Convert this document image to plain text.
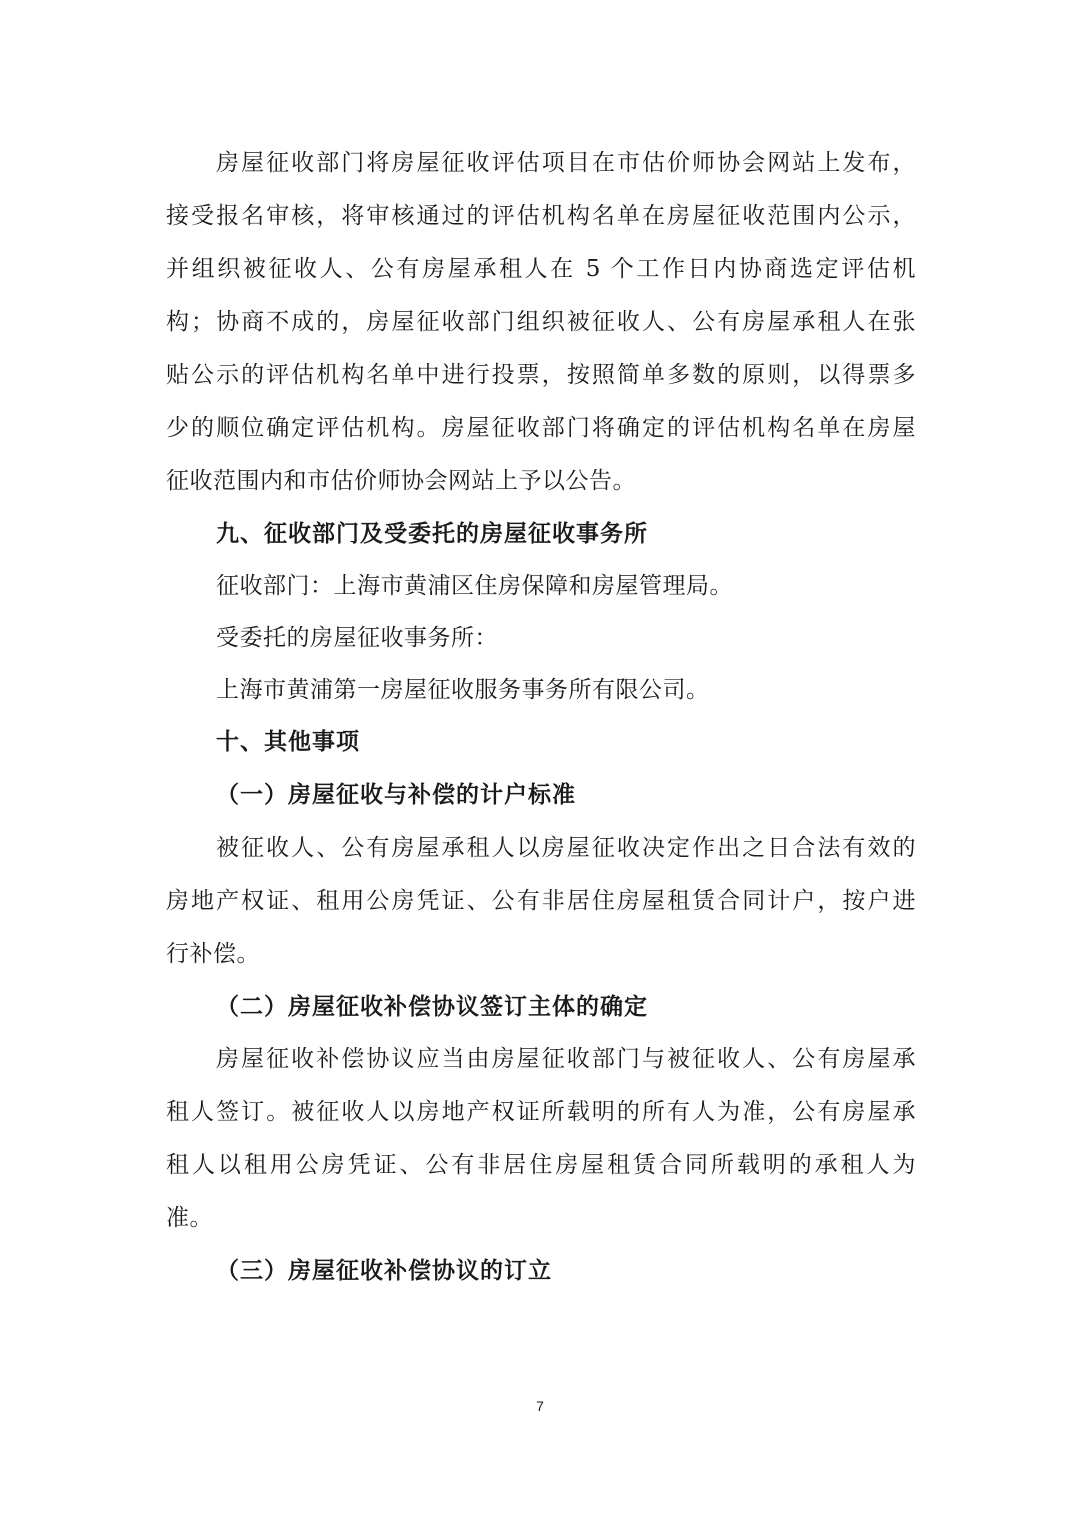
房屋征收部门将房屋征收评估项目在市估价师协会网站上发布，
接受报名审核，将审核通过的评估机构名单在房屋征收范围内公示，
并组织被征收人、公有房屋承租人在 5 个工作日内协商选定评估机
构；协商不成的，房屋征收部门组织被征收人、公有房屋承租人在张
贴公示的评估机构名单中进行投票，按照简单多数的原则，以得票多
少的顺位确定评估机构。房屋征收部门将确定的评估机构名单在房屋
征收范围内和市估价师协会网站上予以公告。
九、征收部门及受委托的房屋征收事务所
征收部门：上海市黄浦区住房保障和房屋管理局。
受委托的房屋征收事务所：
上海市黄浦第一房屋征收服务事务所有限公司。
十、其他事项
（一）房屋征收与补偿的计户标准
被征收人、公有房屋承租人以房屋征收决定作出之日合法有效的
房地产权证、租用公房凭证、公有非居住房屋租赁合同计户，按户进
行补偿。
（二）房屋征收补偿协议签订主体的确定
房屋征收补偿协议应当由房屋征收部门与被征收人、公有房屋承
租人签订。被征收人以房地产权证所载明的所有人为准，公有房屋承
租人以租用公房凭证、公有非居住房屋租赁合同所载明的承租人为
准。
（三）房屋征收补偿协议的订立
7
